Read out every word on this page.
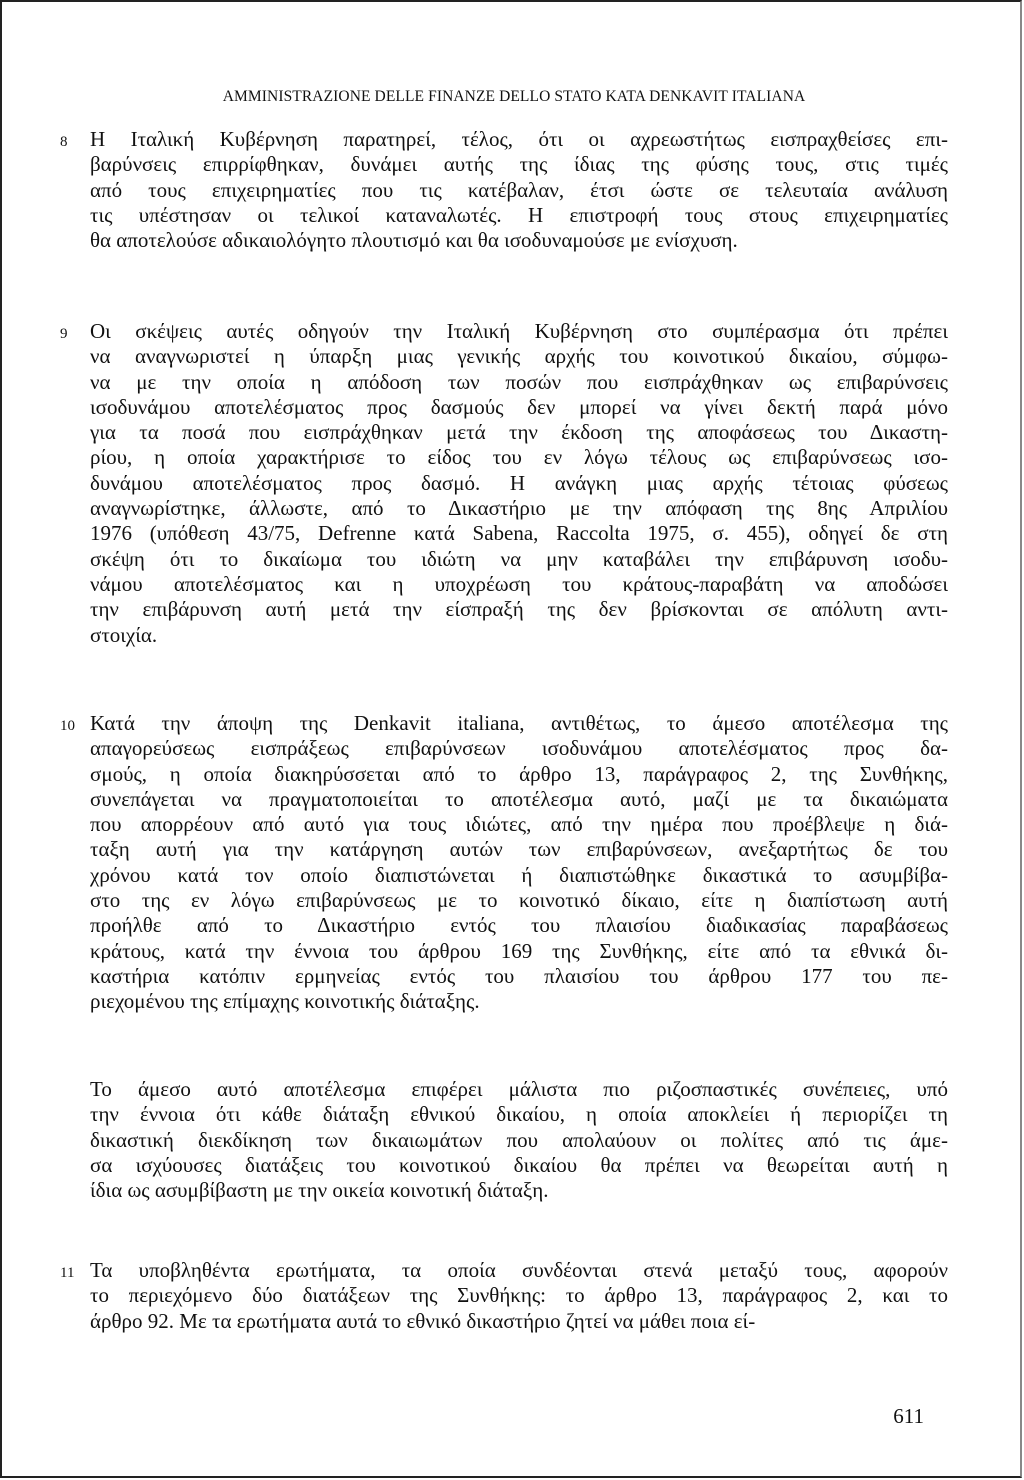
AMMINISTRAZIONE DELLE FINANZE DELLO STATO KATA DENKAVIT ITALIANA
8 Η Ιταλική Κυβέρνηση παρατηρεί, τέλος, ότι οι αχρεωστήτως εισπραχθείσες επι-
βαρύνσεις επιρρίφθηκαν, δυνάμει αυτής της ίδιας της φύσης τους, στις τιμές
από τους επιχειρηματίες που τις κατέβαλαν, έτσι ώστε σε τελευταία ανάλυση
τις υπέστησαν οι τελικοί καταναλωτές. Η επιστροφή τους στους επιχειρηματίες
θα αποτελούσε αδικαιολόγητο πλουτισμό και θα ισοδυναμούσε με ενίσχυση.
9 Οι σκέψεις αυτές οδηγούν την Ιταλική Κυβέρνηση στο συμπέρασμα ότι πρέπει
να αναγνωριστεί η ύπαρξη μιας γενικής αρχής του κοινοτικού δικαίου, σύμφω-
να με την οποία η απόδοση των ποσών που εισπράχθηκαν ως επιβαρύνσεις
ισοδυνάμου αποτελέσματος προς δασμούς δεν μπορεί να γίνει δεκτή παρά μόνο
για τα ποσά που εισπράχθηκαν μετά την έκδοση της αποφάσεως του Δικαστη-
ρίου, η οποία χαρακτήρισε το είδος του εν λόγω τέλους ως επιβαρύνσεως ισο-
δυνάμου αποτελέσματος προς δασμό. Η ανάγκη μιας αρχής τέτοιας φύσεως
αναγνωρίστηκε, άλλωστε, από το Δικαστήριο με την απόφαση της 8ης Απριλίου
1976 (υπόθεση 43/75, Defrenne κατά Sabena, Raccolta 1975, σ. 455), οδηγεί δε στη
σκέψη ότι το δικαίωμα του ιδιώτη να μην καταβάλει την επιβάρυνση ισοδυ-
νάμου αποτελέσματος και η υποχρέωση του κράτους-παραβάτη να αποδώσει
την επιβάρυνση αυτή μετά την είσπραξή της δεν βρίσκονται σε απόλυτη αντι-
στοιχία.
10 Κατά την άποψη της Denkavit italiana, αντιθέτως, το άμεσο αποτέλεσμα της
απαγορεύσεως εισπράξεως επιβαρύνσεων ισοδυνάμου αποτελέσματος προς δα-
σμούς, η οποία διακηρύσσεται από το άρθρο 13, παράγραφος 2, της Συνθήκης,
συνεπάγεται να πραγματοποιείται το αποτέλεσμα αυτό, μαζί με τα δικαιώματα
που απορρέουν από αυτό για τους ιδιώτες, από την ημέρα που προέβλεψε η διά-
ταξη αυτή για την κατάργηση αυτών των επιβαρύνσεων, ανεξαρτήτως δε του
χρόνου κατά τον οποίο διαπιστώνεται ή διαπιστώθηκε δικαστικά το ασυμβίβα-
στο της εν λόγω επιβαρύνσεως με το κοινοτικό δίκαιο, είτε η διαπίστωση αυτή
προήλθε από το Δικαστήριο εντός του πλαισίου διαδικασίας παραβάσεως
κράτους, κατά την έννοια του άρθρου 169 της Συνθήκης, είτε από τα εθνικά δι-
καστήρια κατόπιν ερμηνείας εντός του πλαισίου του άρθρου 177 του πε-
ριεχομένου της επίμαχης κοινοτικής διάταξης.
Το άμεσο αυτό αποτέλεσμα επιφέρει μάλιστα πιο ριζοσπαστικές συνέπειες, υπό
την έννοια ότι κάθε διάταξη εθνικού δικαίου, η οποία αποκλείει ή περιορίζει τη
δικαστική διεκδίκηση των δικαιωμάτων που απολαύουν οι πολίτες από τις άμε-
σα ισχύουσες διατάξεις του κοινοτικού δικαίου θα πρέπει να θεωρείται αυτή η
ίδια ως ασυμβίβαστη με την οικεία κοινοτική διάταξη.
11 Τα υποβληθέντα ερωτήματα, τα οποία συνδέονται στενά μεταξύ τους, αφορούν
το περιεχόμενο δύο διατάξεων της Συνθήκης: το άρθρο 13, παράγραφος 2, και το
άρθρο 92. Με τα ερωτήματα αυτά το εθνικό δικαστήριο ζητεί να μάθει ποια εί-
611
